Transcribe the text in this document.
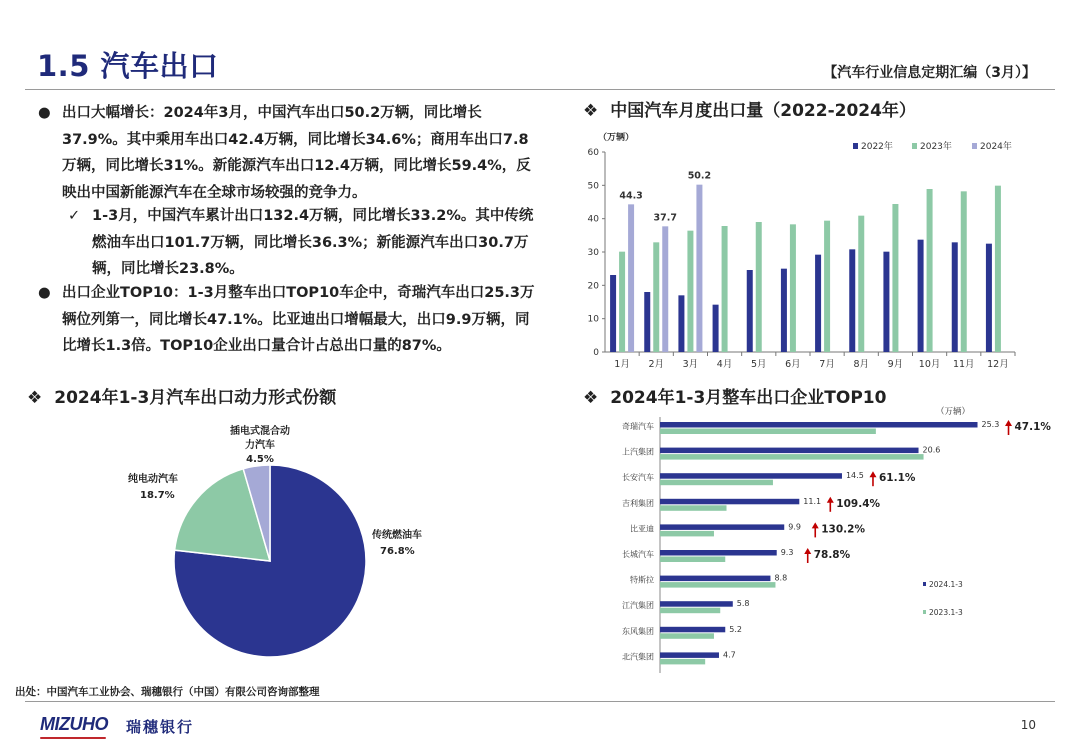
1.5 汽车出口	【汽车行业信息定期汇编（3月）】
● 出口大幅增长：2024年3月，中国汽车出口50.2万辆，同比增长37.9%。其中乘用车出口42.4万辆，同比增长34.6%；商用车出口7.8万辆，同比增长31%。新能源汽车出口12.4万辆，同比增长59.4%，反映出中国新能源汽车在全球市场较强的竞争力。
✓ 1-3月，中国汽车累计出口132.4万辆，同比增长33.2%。其中传统燃油车出口101.7万辆，同比增长36.3%；新能源汽车出口30.7万辆，同比增长23.8%。
● 出口企业TOP10：1-3月整车出口TOP10车企中，奇瑞汽车出口25.3万辆位列第一，同比增长47.1%。比亚迪出口增幅最大，出口9.9万辆，同比增长1.3倍。TOP10企业出口量合计占总出口量的87%。
❖ 中国汽车月度出口量（2022-2024年）
❖ 2024年1-3月汽车出口动力形式份额	❖ 2024年1-3月整车出口企业TOP10
（万辆）
0
10
20
30
40
50
60
1月 2月 3月 4月 5月 6月 7月 8月 9月 10月 11月 12月
44.3
37.7
50.2
2022年	2023年	2024年
传统燃油车
76.8%
纯电动汽车
18.7%
插电式混合动
力汽车
4.5%
（万辆）
奇瑞汽车	25.3 47.1%
上汽集团	20.6
长安汽车	14.5 61.1%
吉利集团	11.1 109.4%
比亚迪	9.9 130.2%
长城汽车	9.3 78.8%
特斯拉	8.8
江汽集团	5.8
东风集团	5.2
北汽集团	4.7
2024.1-3
2023.1-3
出处：中国汽车工业协会、瑞穗银行（中国）有限公司咨询部整理
MIZUHO 瑞穗银行	10
